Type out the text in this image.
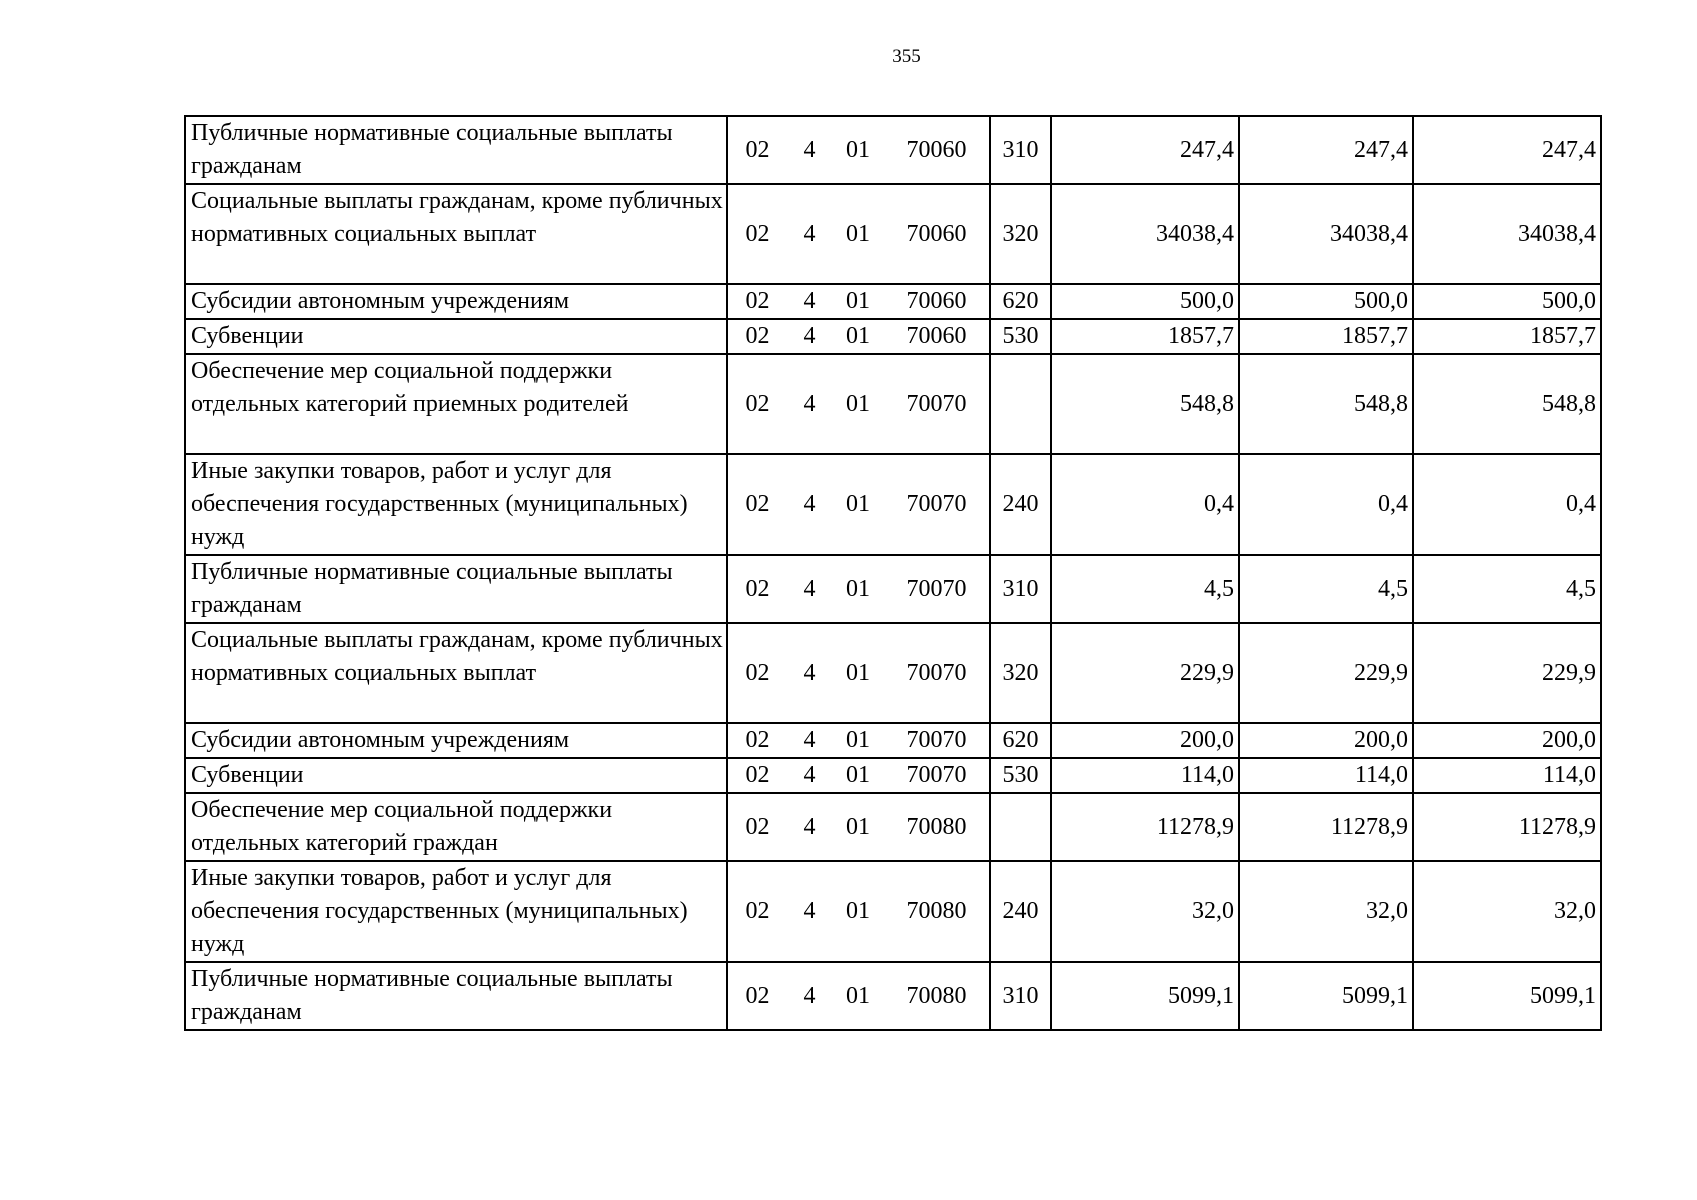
355
Публичные нормативные социальные выплаты гражданам	02	4	01	70060	310	247,4	247,4	247,4
Социальные выплаты гражданам, кроме публичных нормативных социальных выплат	02	4	01	70060	320	34038,4	34038,4	34038,4
Субсидии автономным учреждениям	02	4	01	70060	620	500,0	500,0	500,0
Субвенции	02	4	01	70060	530	1857,7	1857,7	1857,7
Обеспечение мер социальной поддержки отдельных категорий приемных родителей	02	4	01	70070		548,8	548,8	548,8
Иные закупки товаров, работ и услуг для обеспечения государственных (муниципальных) нужд	02	4	01	70070	240	0,4	0,4	0,4
Публичные нормативные социальные выплаты гражданам	02	4	01	70070	310	4,5	4,5	4,5
Социальные выплаты гражданам, кроме публичных нормативных социальных выплат	02	4	01	70070	320	229,9	229,9	229,9
Субсидии автономным учреждениям	02	4	01	70070	620	200,0	200,0	200,0
Субвенции	02	4	01	70070	530	114,0	114,0	114,0
Обеспечение мер социальной поддержки отдельных категорий граждан	02	4	01	70080		11278,9	11278,9	11278,9
Иные закупки товаров, работ и услуг для обеспечения государственных (муниципальных) нужд	02	4	01	70080	240	32,0	32,0	32,0
Публичные нормативные социальные выплаты гражданам	02	4	01	70080	310	5099,1	5099,1	5099,1
